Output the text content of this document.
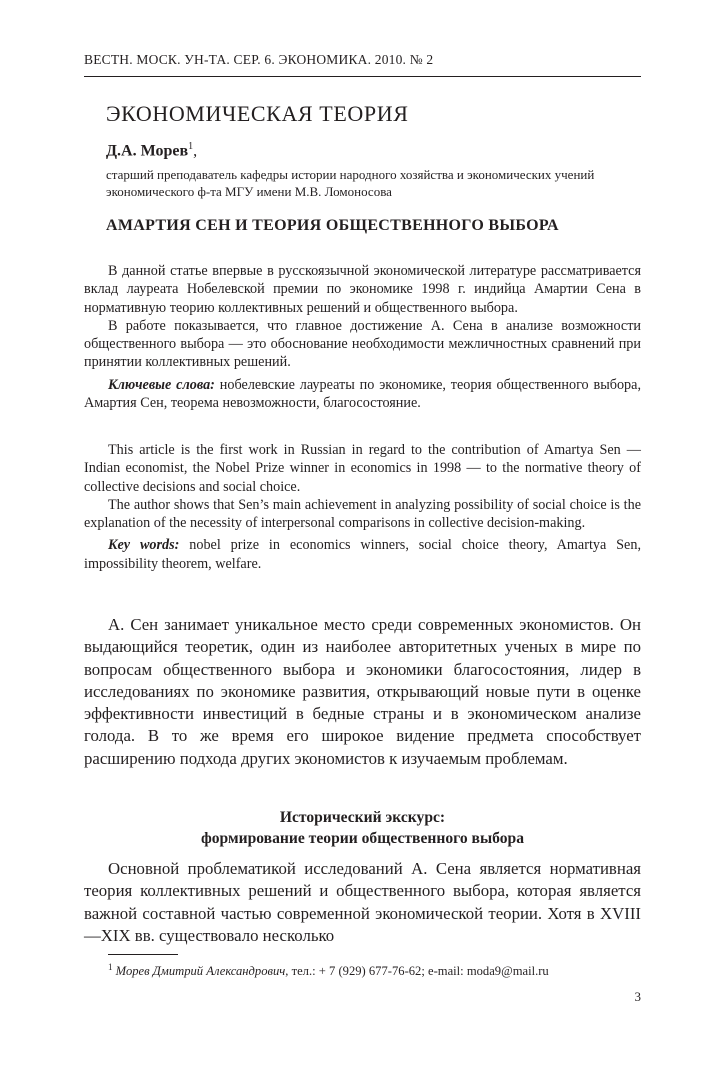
ВЕСТН. МОСК. УН-ТА. СЕР. 6. ЭКОНОМИКА. 2010. № 2
ЭКОНОМИЧЕСКАЯ ТЕОРИЯ
Д.А. Морев$^1$,
старший преподаватель кафедры истории народного хозяйства и экономических учений экономического ф-та МГУ имени М.В. Ломоносова
АМАРТИЯ СЕН И ТЕОРИЯ ОБЩЕСТВЕННОГО ВЫБОРА

В данной статье впервые в русскоязычной экономической литературе рассматривается вклад лауреата Нобелевской премии по экономике 1998 г. индийца Амартии Сена в нормативную теорию коллективных решений и общественного выбора.

В работе показывается, что главное достижение А. Сена в анализе возможности общественного выбора — это обоснование необходимости межличностных сравнений при принятии коллективных решений.

Ключевые слова: нобелевские лауреаты по экономике, теория общественного выбора, Амартия Сен, теорема невозможности, благосостояние.

This article is the first work in Russian in regard to the contribution of Amartya Sen — Indian economist, the Nobel Prize winner in economics in 1998 — to the normative theory of collective decisions and social choice.

The author shows that Sen’s main achievement in analyzing possibility of social choice is the explanation of the necessity of interpersonal comparisons in collective decision-making.

Key words: nobel prize in economics winners, social choice theory, Amartya Sen, impossibility theorem, welfare.

А. Сен занимает уникальное место среди современных экономистов. Он выдающийся теоретик, один из наиболее авторитетных ученых в мире по вопросам общественного выбора и экономики благосостояния, лидер в исследованиях по экономике развития, открывающий новые пути в оценке эффективности инвестиций в бедные страны и в экономическом анализе голода. В то же время его широкое видение предмета способствует расширению подхода других экономистов к изучаемым проблемам.

Исторический экскурс:
формирование теории общественного выбора

Основной проблематикой исследований А. Сена является нормативная теория коллективных решений и общественного выбора, которая является важной составной частью современной экономической теории. Хотя в XVIII—XIX вв. существовало несколько

$^1$ Морев Дмитрий Александрович, тел.: + 7 (929) 677-76-62; e-mail: moda9@mail.ru
3
